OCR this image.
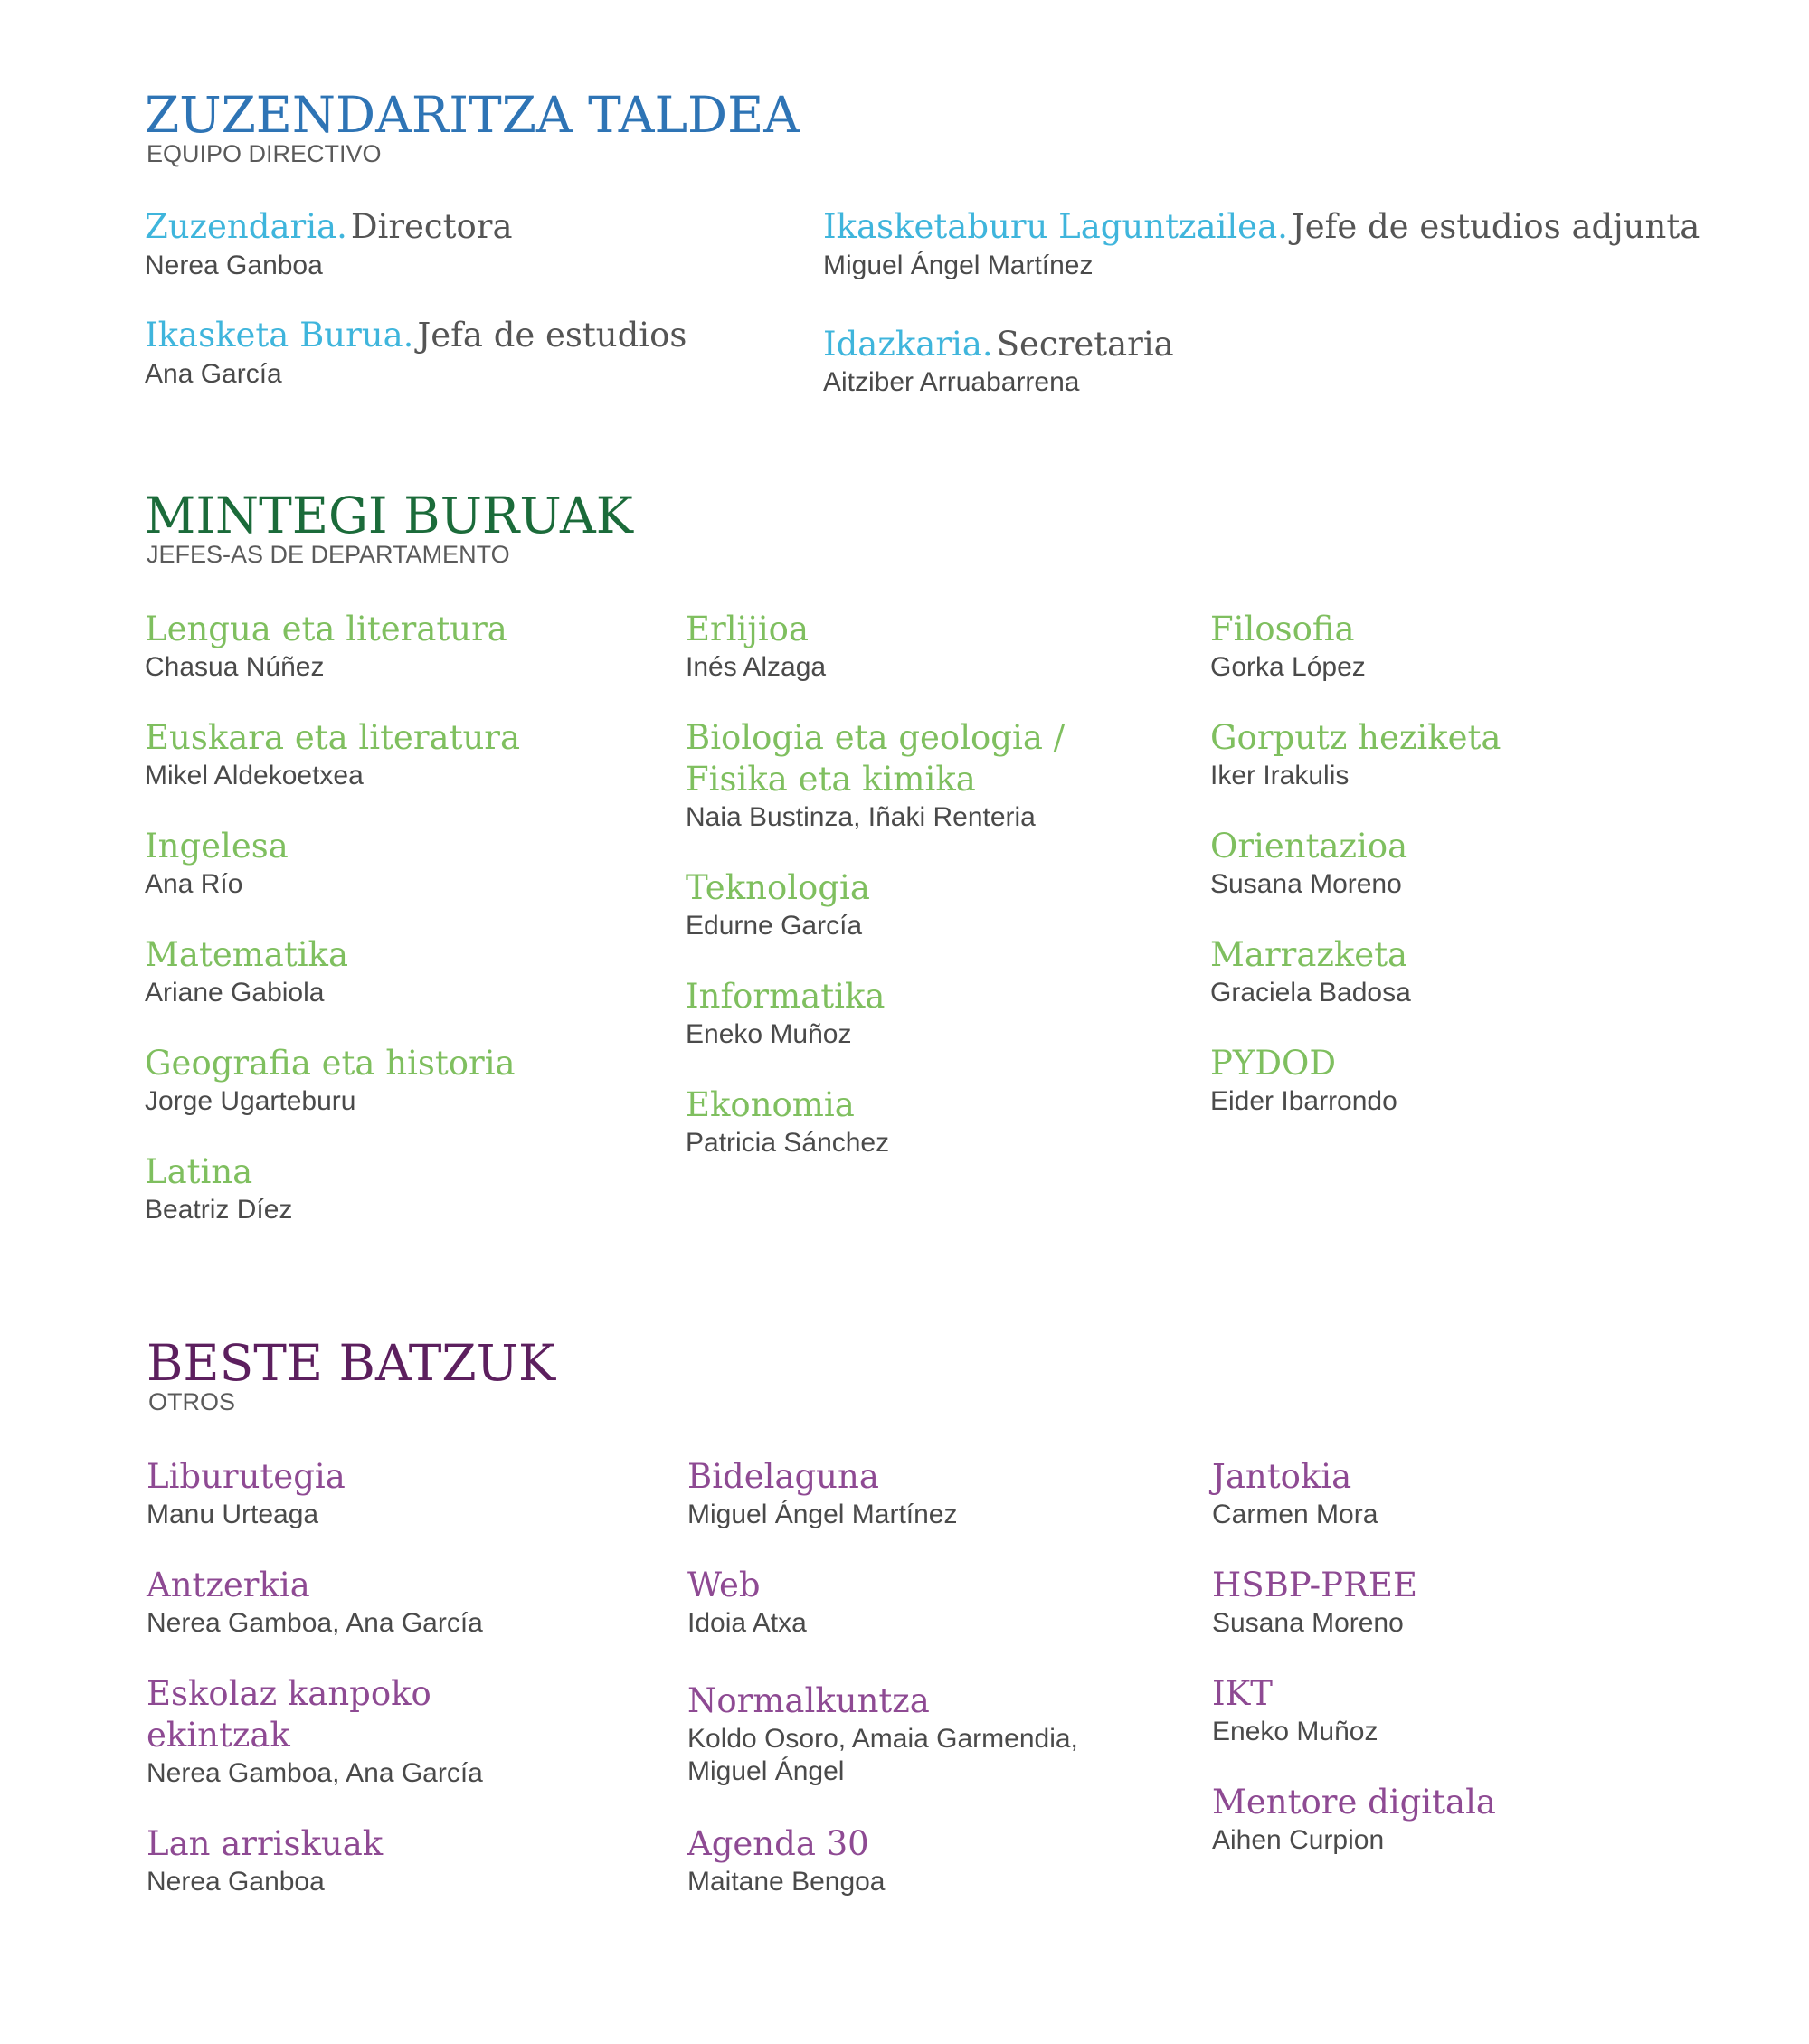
ZUZENDARITZA TALDEA
EQUIPO DIRECTIVO
Zuzendaria. Directora
Nerea Ganboa
Ikasketa Burua. Jefa de estudios
Ana García
Ikasketaburu Laguntzailea. Jefe de estudios adjunta
Miguel Ángel Martínez
Idazkaria. Secretaria
Aitziber Arruabarrena
MINTEGI BURUAK
JEFES-AS DE DEPARTAMENTO
Lengua eta literatura
Chasua Núñez
Euskara eta literatura
Mikel Aldekoetxea
Ingelesa
Ana Río
Matematika
Ariane Gabiola
Geografia eta historia
Jorge Ugarteburu
Latina
Beatriz Díez
Erlijioa
Inés Alzaga
Biologia eta geologia /
Fisika eta kimika
Naia Bustinza, Iñaki Renteria
Teknologia
Edurne García
Informatika
Eneko Muñoz
Ekonomia
Patricia Sánchez
Filosofia
Gorka López
Gorputz heziketa
Iker Irakulis
Orientazioa
Susana Moreno
Marrazketa
Graciela Badosa
PYDOD
Eider Ibarrondo
BESTE BATZUK
OTROS
Liburutegia
Manu Urteaga
Antzerkia
Nerea Gamboa, Ana García
Eskolaz kanpoko
ekintzak
Nerea Gamboa, Ana García
Lan arriskuak
Nerea Ganboa
Bidelaguna
Miguel Ángel Martínez
Web
Idoia Atxa
Normalkuntza
Koldo Osoro, Amaia Garmendia,
Miguel Ángel
Agenda 30
Maitane Bengoa
Jantokia
Carmen Mora
HSBP-PREE
Susana Moreno
IKT
Eneko Muñoz
Mentore digitala
Aihen Curpion
